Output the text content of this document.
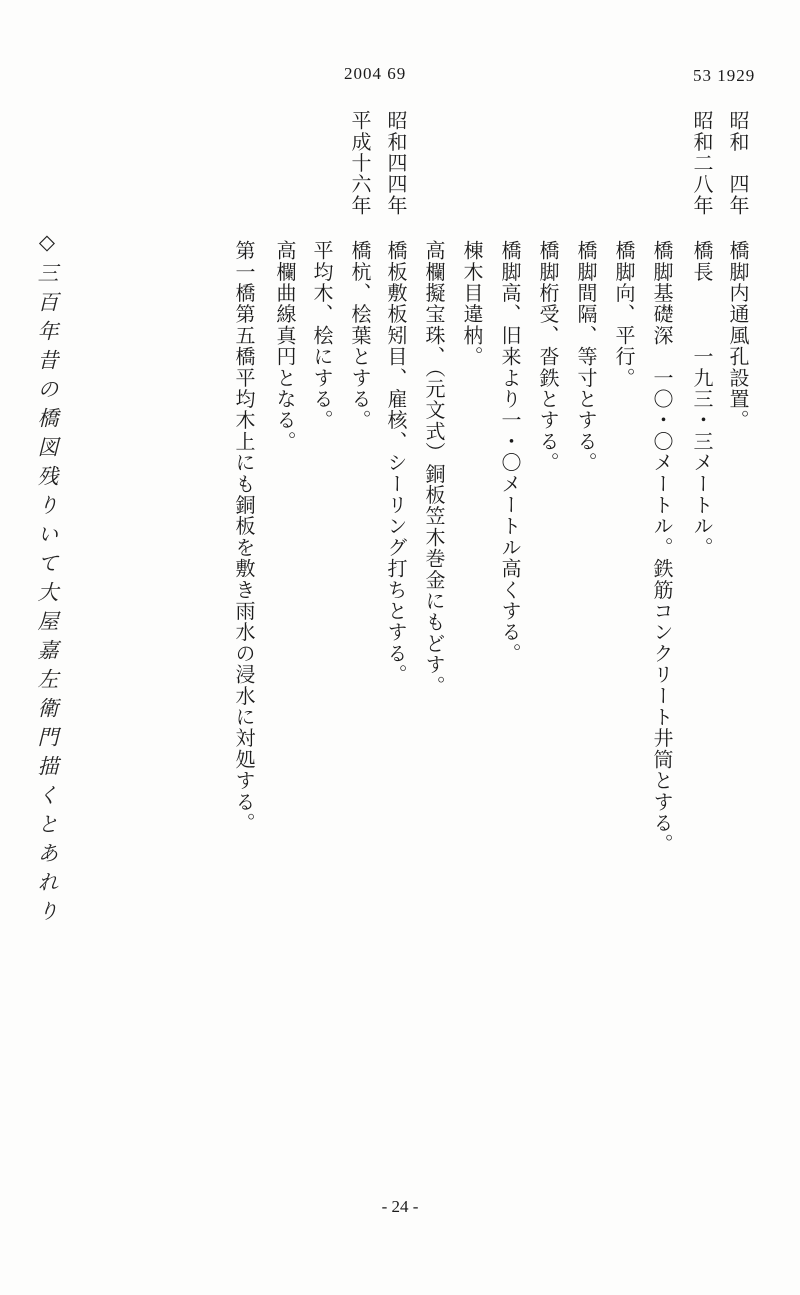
2004 69	53 1929
昭和　四年
昭和二八年
昭和四四年
平成十六年
橋脚内通風孔設置。
橋長　　　一九三・三メートル。
橋脚基礎深　一〇・〇メートル。鉄筋コンクリート井筒とする。
橋脚向、平行。
橋脚間隔、等寸とする。
橋脚桁受、沓鉄とする。
橋脚高、旧来より一・〇メートル高くする。
棟木目違枘。
高欄擬宝珠、（元文式）銅板笠木巻金にもどす。
橋板敷板矧目、雇核、シーリング打ちとする。
橋杭、桧葉とする。
平均木、桧にする。
高欄曲線真円となる。
第一橋第五橋平均木上にも銅板を敷き雨水の浸水に対処する。
◇三百年昔の橋図残りいて大屋嘉左衛門描くとあれり
- 24 -
